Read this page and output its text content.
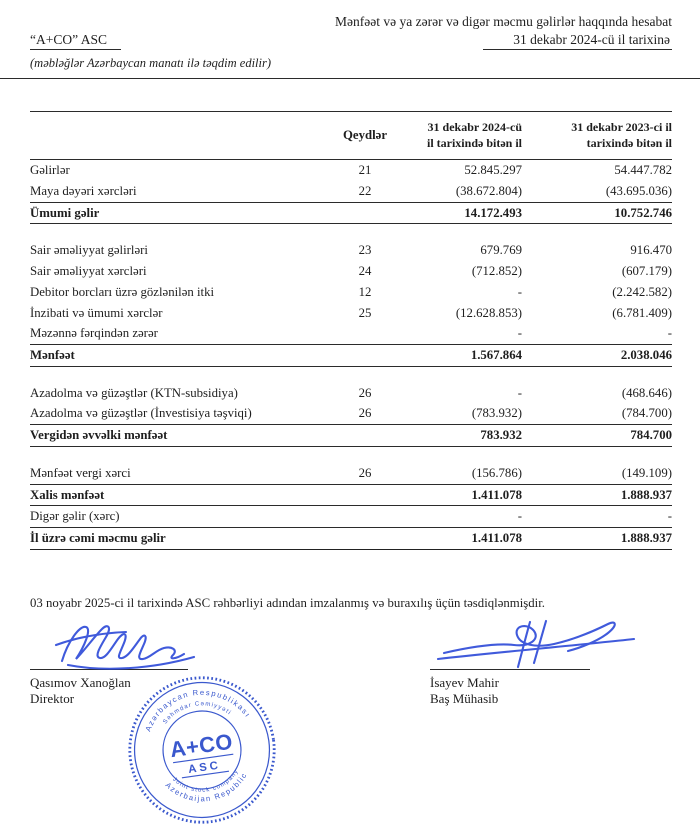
Mənfəət və ya zərər və digər məcmu gəlirlər haqqında hesabat
“A+CO” ASC	31 dekabr 2024-cü il tarixinə
(məbləğlər Azərbaycan manatı ilə təqdim edilir)
Qeydlər
31 dekabr 2024-cü
il tarixində bitən il
31 dekabr 2023-ci il
tarixində bitən il
Gəlirlər	21	52.845.297	54.447.782
Maya dəyəri xərcləri	22	(38.672.804)	(43.695.036)
Ümumi gəlir	14.172.493	10.752.746
Sair əməliyyat gəlirləri	23	679.769	916.470
Sair əməliyyat xərcləri	24	(712.852)	(607.179)
Debitor borcları üzrə gözlənilən itki	12	-	(2.242.582)
İnzibati və ümumi xərclər	25	(12.628.853)	(6.781.409)
Məzənnə fərqindən zərər	-	-
Mənfəət	1.567.864	2.038.046
Azadolma və güzəştlər (KTN-subsidiya)	26	-	(468.646)
Azadolma və güzəştlər (İnvestisiya təşviqi)	26	(783.932)	(784.700)
Vergidən əvvəlki mənfəət	783.932	784.700
Mənfəət vergi xərci	26	(156.786)	(149.109)
Xalis mənfəət	1.411.078	1.888.937
Digər gəlir (xərc)	-	-
İl üzrə cəmi məcmu gəlir	1.411.078	1.888.937
03 noyabr 2025-ci il tarixində ASC rəhbərliyi adından imzalanmış və buraxılış üçün təsdiqlənmişdir.
Qasımov Xanoğlan
Direktor
İsayev Mahir
Baş Mühasib
Azərbaycan Respublikası
Azerbaijan Republic
Səhmdar Cəmiyyəti
Joint stock company
A+CO
ASC
